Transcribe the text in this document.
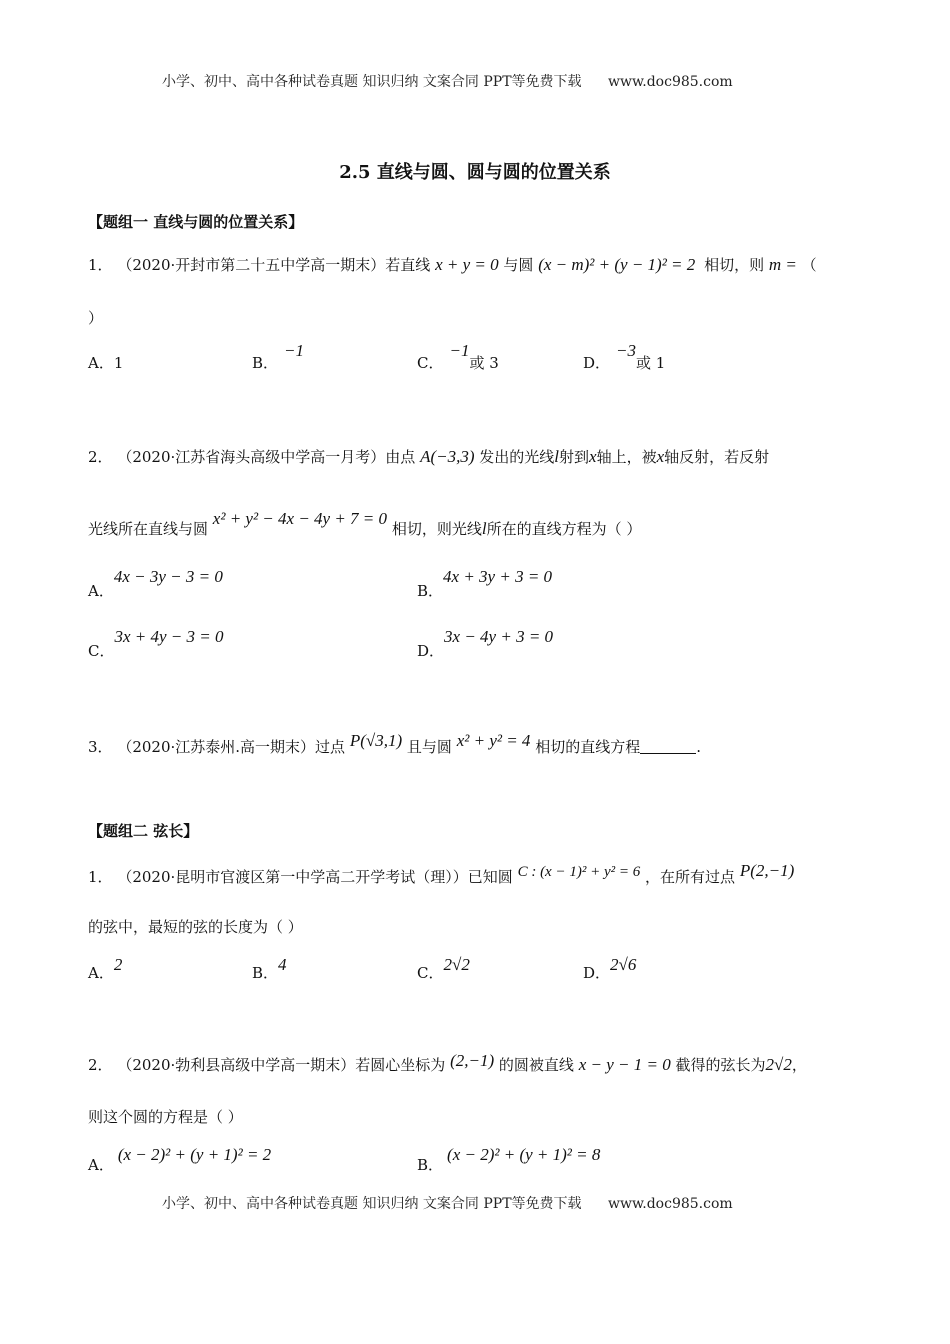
小学、初中、高中各种试卷真题 知识归纳 文案合同 PPT等免费下载 www.doc985.com
2.5 直线与圆、圆与圆的位置关系
【题组一 直线与圆的位置关系】
1． （2020·开封市第二十五中学高一期末）若直线 x + y = 0 与圆 (x − m)² + (y − 1)² = 2 相切，则 m = （
）
A．1	B．−1
C．−1或 3	D．−3或 1
2． （2020·江苏省海头高级中学高一月考）由点 A(−3,3) 发出的光线l射到x轴上，被x轴反射，若反射
光线所在直线与圆 x² + y² − 4x − 4y + 7 = 0 相切，则光线l所在的直线方程为（ ）
A．4x − 3y − 3 = 0
B．4x + 3y + 3 = 0
C．3x + 4y − 3 = 0
D．3x − 4y + 3 = 0
3． （2020·江苏泰州.高一期末）过点 P(√3,1) 且与圆 x² + y² = 4 相切的直线方程	.
【题组二 弦长】
1． （2020·昆明市官渡区第一中学高二开学考试（理））已知圆 C : (x − 1)² + y² = 6 ，在所有过点 P(2,−1)
的弦中，最短的弦的长度为（ ）
A．2	B．4	C．2√2	D．2√6
2． （2020·勃利县高级中学高一期末）若圆心坐标为 (2,−1) 的圆被直线 x − y − 1 = 0 截得的弦长为2√2，
则这个圆的方程是（ ）
A．(x − 2)² + (y + 1)² = 2
B．(x − 2)² + (y + 1)² = 8
小学、初中、高中各种试卷真题 知识归纳 文案合同 PPT等免费下载 www.doc985.com
